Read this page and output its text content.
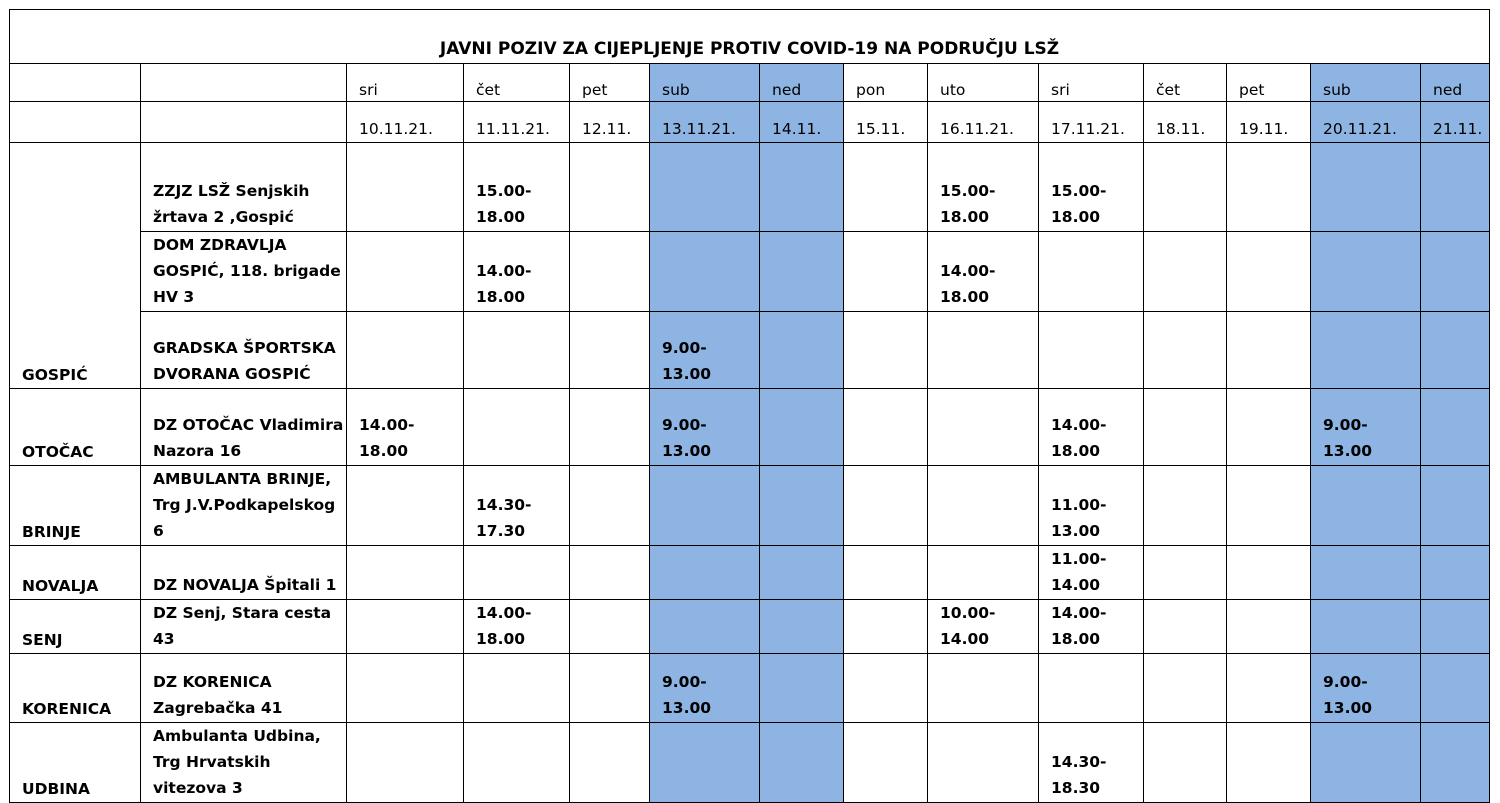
JAVNI POZIV ZA CIJEPLJENJE PROTIV COVID-19 NA PODRUČJU LSŽ													
		sri	čet	pet	sub	ned	pon	uto	sri	čet	pet	sub	ned
		10.11.21.	11.11.21.	12.11.	13.11.21.	14.11.	15.11.	16.11.21.	17.11.21.	18.11.	19.11.	20.11.21.	21.11.
GOSPIĆ	ZZJZ LSŽ Senjskih žrtava 2 ,Gospić		15.00-
18.00					15.00-
18.00	15.00-
18.00				
	DOM ZDRAVLJA GOSPIĆ, 118. brigade HV 3		14.00-
18.00					14.00-
18.00					
	GRADSKA ŠPORTSKA DVORANA GOSPIĆ				9.00-
13.00								
OTOČAC	DZ OTOČAC Vladimira Nazora 16	14.00-
18.00			9.00-
13.00				14.00-
18.00			9.00-
13.00	
BRINJE	AMBULANTA BRINJE, Trg J.V.Podkapelskog 6		14.30-
17.30						11.00-
13.00				
NOVALJA	DZ NOVALJA Špitali 1								11.00-
14.00				
SENJ	DZ Senj, Stara cesta 43		14.00-
18.00					10.00-
14.00	14.00-
18.00				
KORENICA	DZ KORENICA Zagrebačka 41				9.00-
13.00							9.00-
13.00	
UDBINA	Ambulanta Udbina, Trg Hrvatskih vitezova 3								14.30-
18.30				
